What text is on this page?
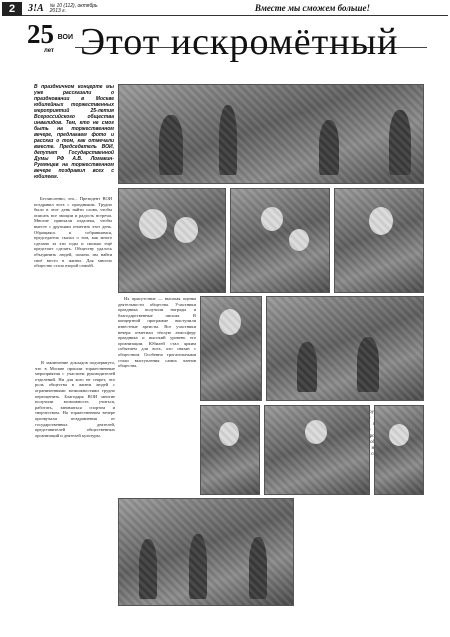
2	З!А № 10 (112), октябрь 2013 г.	Вместе мы сможем больше!
ВОИ
25
лет Этот искромётный
В праздничном концерте мы уже рассказали о праздновании в Москве юбилейных торжественных мероприятий 25-летия Всероссийского общества инвалидов. Тем, кто не смог быть на торжественном вечере, предлагаем фото и рассказ о том, как отмечали вместе. Председатель ВОИ, депутат Государственной Думы РФ А.В. Ломакин-Румянцев на торжественном вечере поздравил всех с юбилеем.

Бесчисленно, это... Президент ВОИ поздравил всех с праздником. Трудно было в этот день найти слова, чтобы описать все эмоции и радость встречи. Многие приехали издалека, чтобы вместе с друзьями отметить этот день. Обращаясь к собравшимся, председатель сказал о том, как много сделано за эти годы и сколько ещё предстоит сделать. Обществу удалось объединить людей, помочь им найти своё место в жизни. Для многих общество стало второй семьёй.

В заключение докладов подчеркнуто, что в Москве прошли торжественные мероприятия с участием руководителей отделений. Ни для кого не секрет, что роль общества в жизни людей с ограниченными возможностями трудно переоценить. Благодаря ВОИ многие получили возможность учиться, работать, заниматься спортом и творчеством. На торжественном вечере прозвучали поздравления от государственных деятелей, представителей общественных организаций и деятелей культуры.

Их присутствие — высокая оценка деятельности общества. Участники праздника получили награды и благодарственные письма. В концертной программе выступили известные артисты. Все участники вечера отметили тёплую атмосферу праздника и высокий уровень его организации. Юбилей стал ярким событием для всех, кто связан с обществом. Особенно трогательными стали выступления самих членов общества.
